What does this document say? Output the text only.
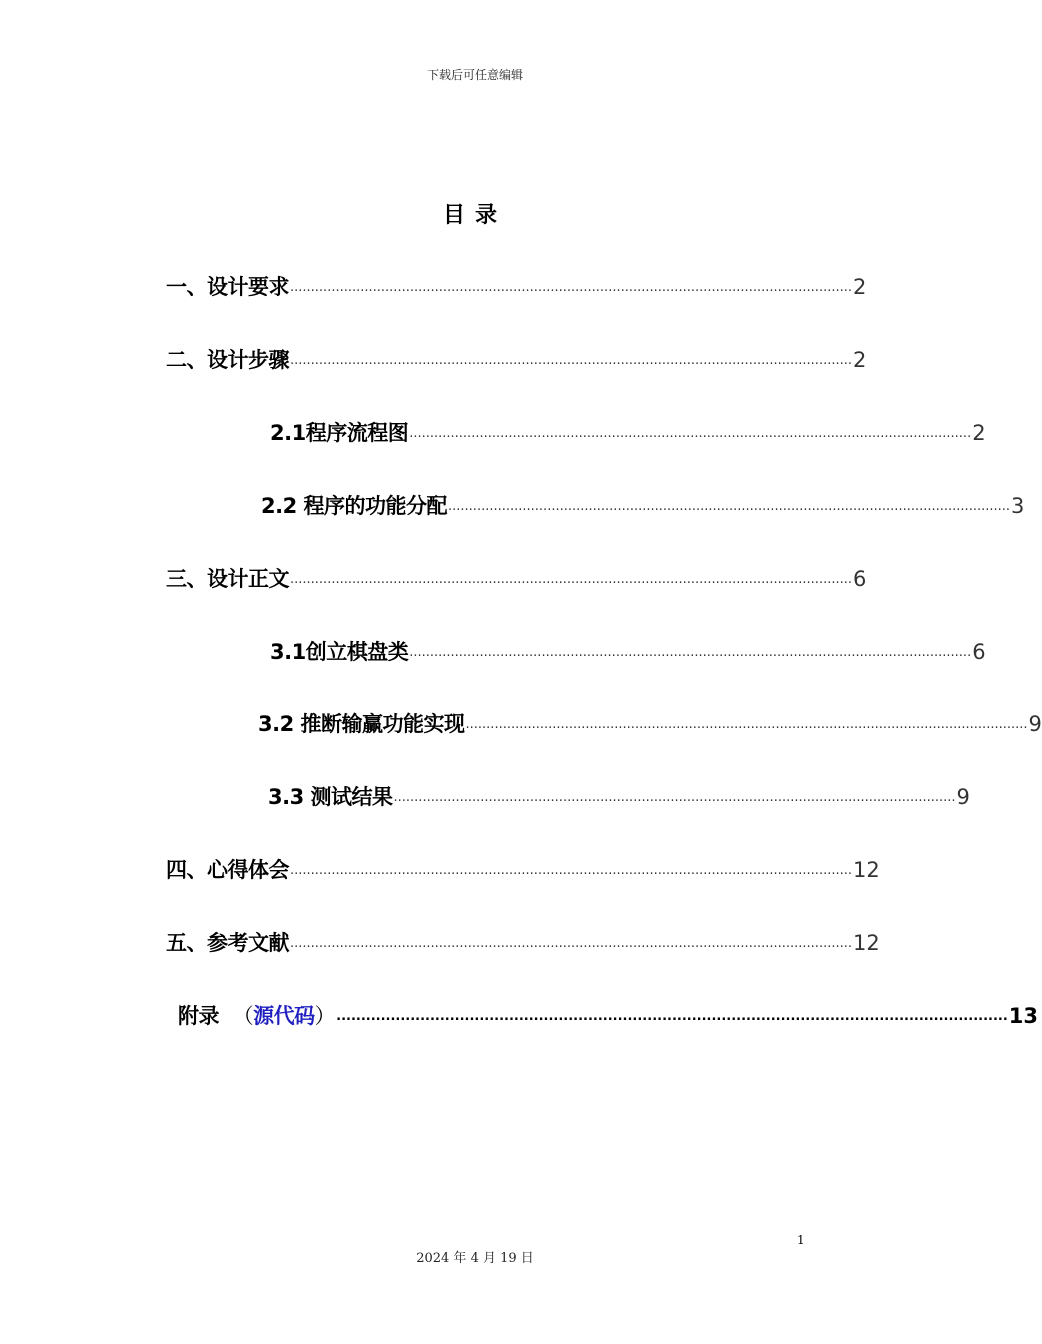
下载后可任意编辑
目录
一、设计要求 ........................................................................................................................................ 2
二、设计步骤 ........................................................................................................................................ 2
2.1程序流程图 ........................................................................................................................................ 2
2.2 程序的功能分配 ........................................................................................................................................ 3
三、设计正文 ........................................................................................................................................ 6
3.1创立棋盘类 ........................................................................................................................................ 6
3.2 推断输赢功能实现 ........................................................................................................................................ 9
3.3 测试结果 ........................................................................................................................................ 9
四、心得体会 ........................................................................................................................................ 12
五、参考文献 ........................................................................................................................................ 12
附录 （源代码） ........................................................................................................................................ 13
1
2024 年 4 月 19 日
